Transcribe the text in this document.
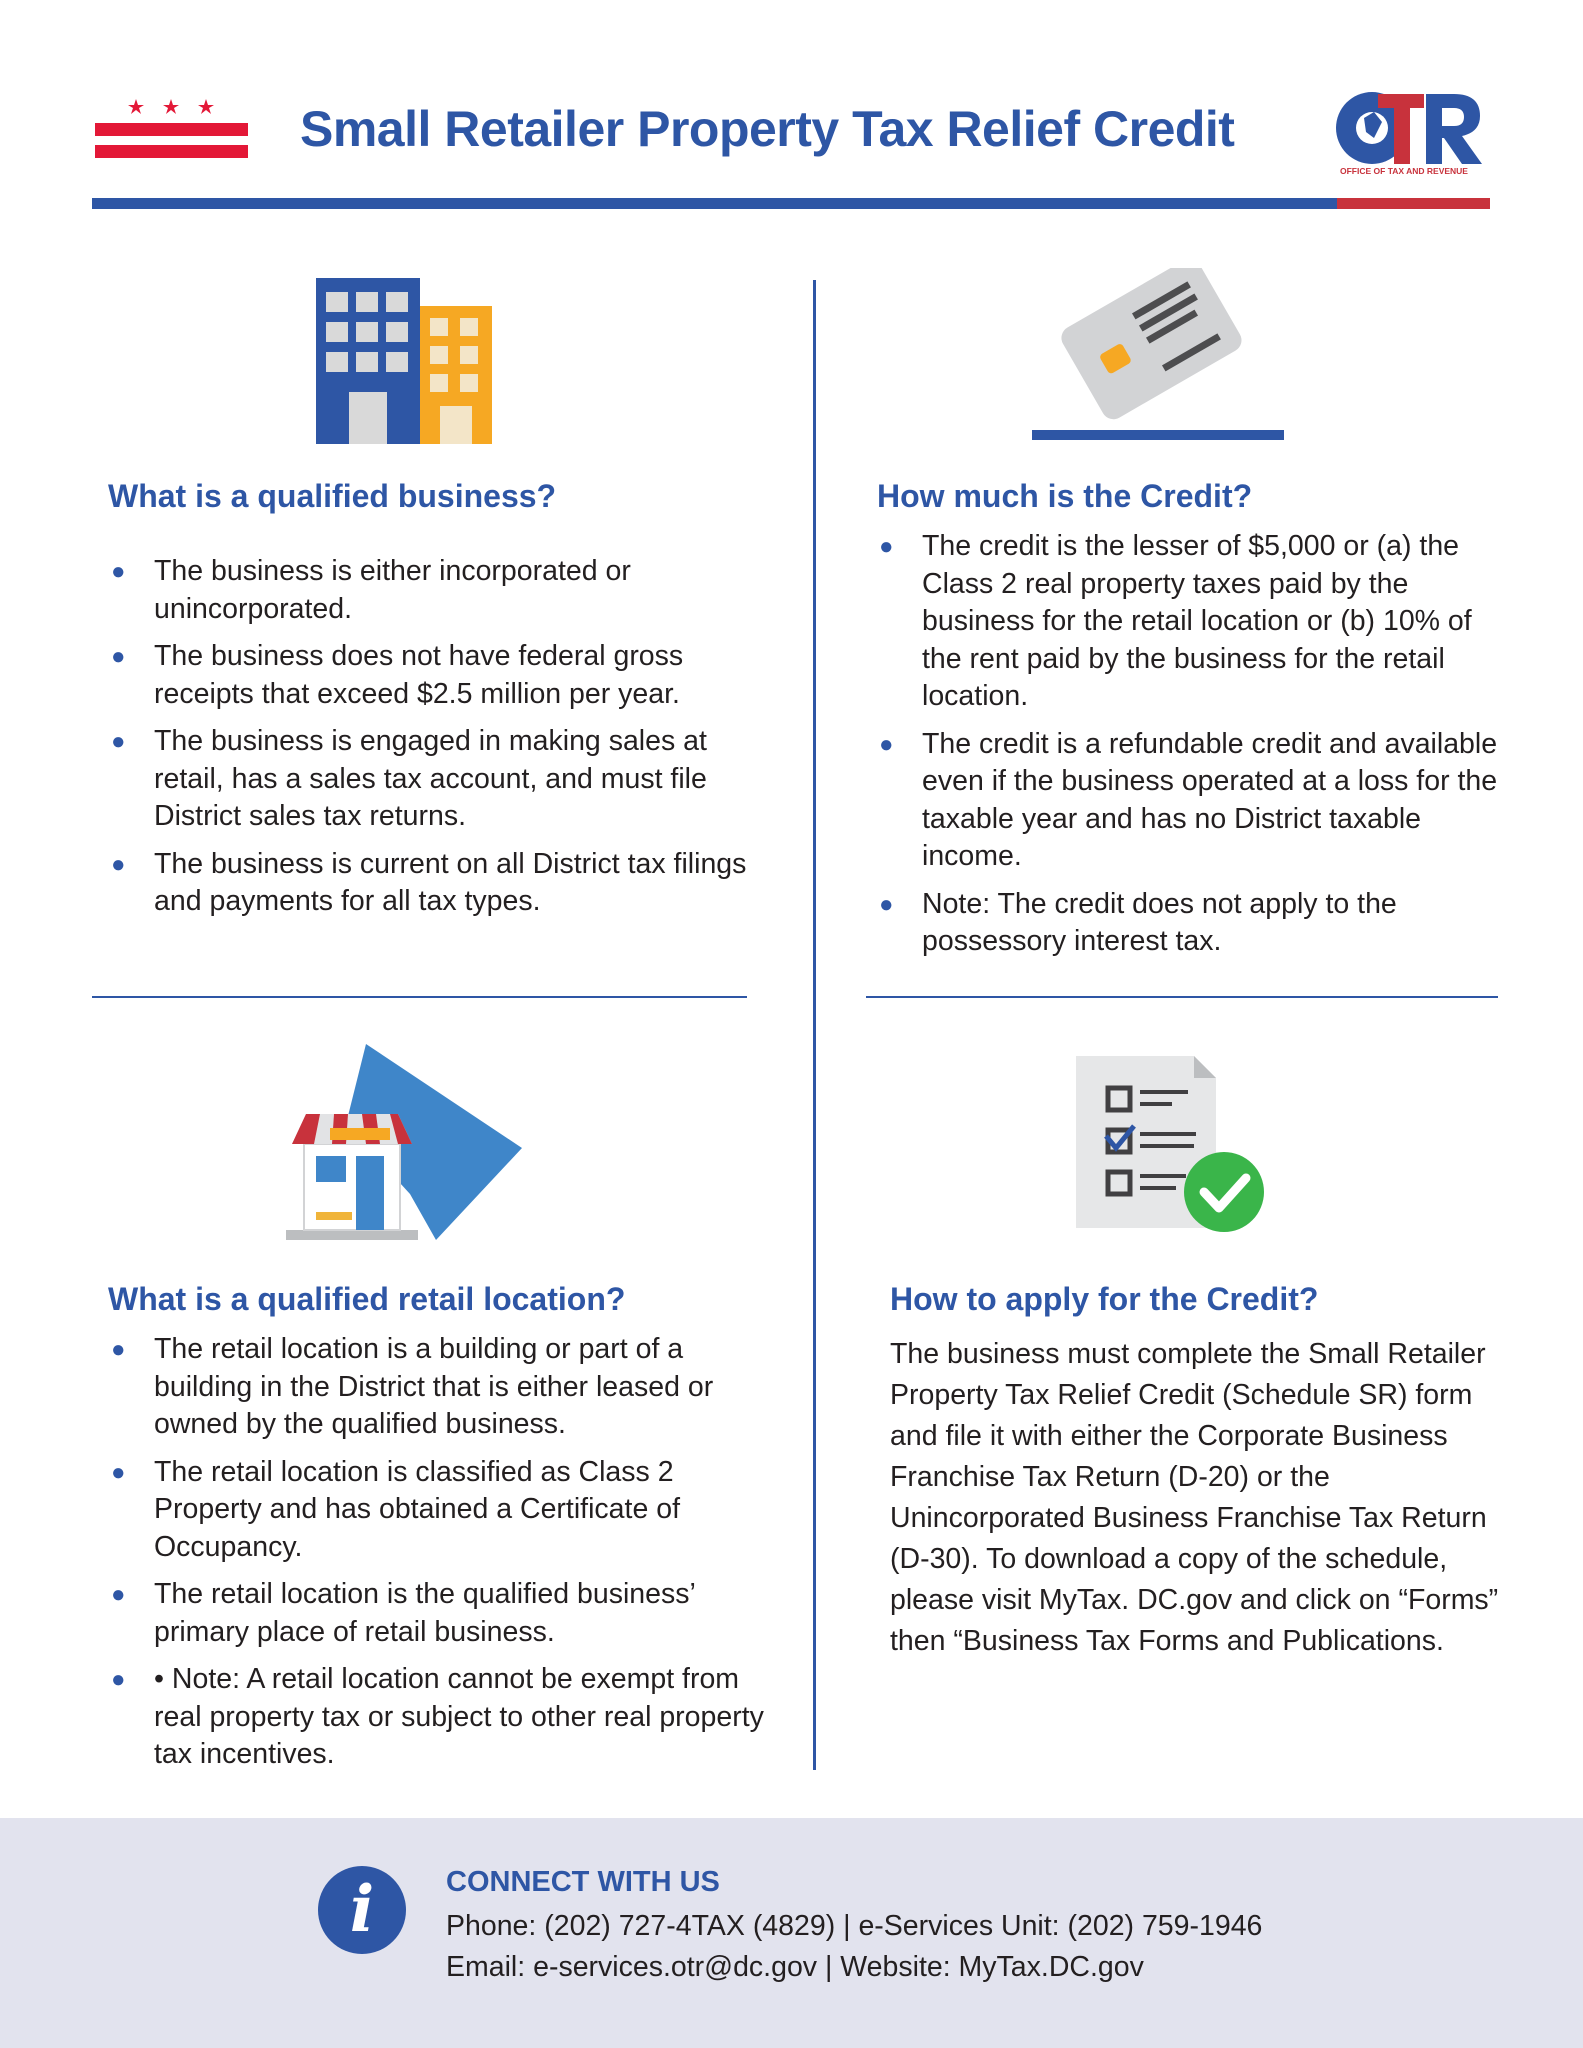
Small Retailer Property Tax Relief Credit
OFFICE OF TAX AND REVENUE
What is a qualified business?
● The business is either incorporated or unincorporated.
● The business does not have federal gross receipts that exceed $2.5 million per year.
● The business is engaged in making sales at retail, has a sales tax account, and must file District sales tax returns.
● The business is current on all District tax filings and payments for all tax types.
How much is the Credit?
● The credit is the lesser of $5,000 or (a) the Class 2 real property taxes paid by the business for the retail location or (b) 10% of the rent paid by the business for the retail location.
● The credit is a refundable credit and available even if the business operated at a loss for the taxable year and has no District taxable income.
● Note: The credit does not apply to the possessory interest tax.
What is a qualified retail location?
● The retail location is a building or part of a building in the District that is either leased or owned by the qualified business.
● The retail location is classified as Class 2 Property and has obtained a Certificate of Occupancy.
● The retail location is the qualified business’ primary place of retail business.
● • Note: A retail location cannot be exempt from real property tax or subject to other real property tax incentives.
How to apply for the Credit?
The business must complete the Small Retailer Property Tax Relief Credit (Schedule SR) form and file it with either the Corporate Business Franchise Tax Return (D-20) or the Unincorporated Business Franchise Tax Return (D-30). To download a copy of the schedule, please visit MyTax. DC.gov and click on “Forms” then “Business Tax Forms and Publications.
i	CONNECT WITH US
Phone: (202) 727-4TAX (4829) | e-Services Unit: (202) 759-1946
Email: e-services.otr@dc.gov | Website: MyTax.DC.gov
